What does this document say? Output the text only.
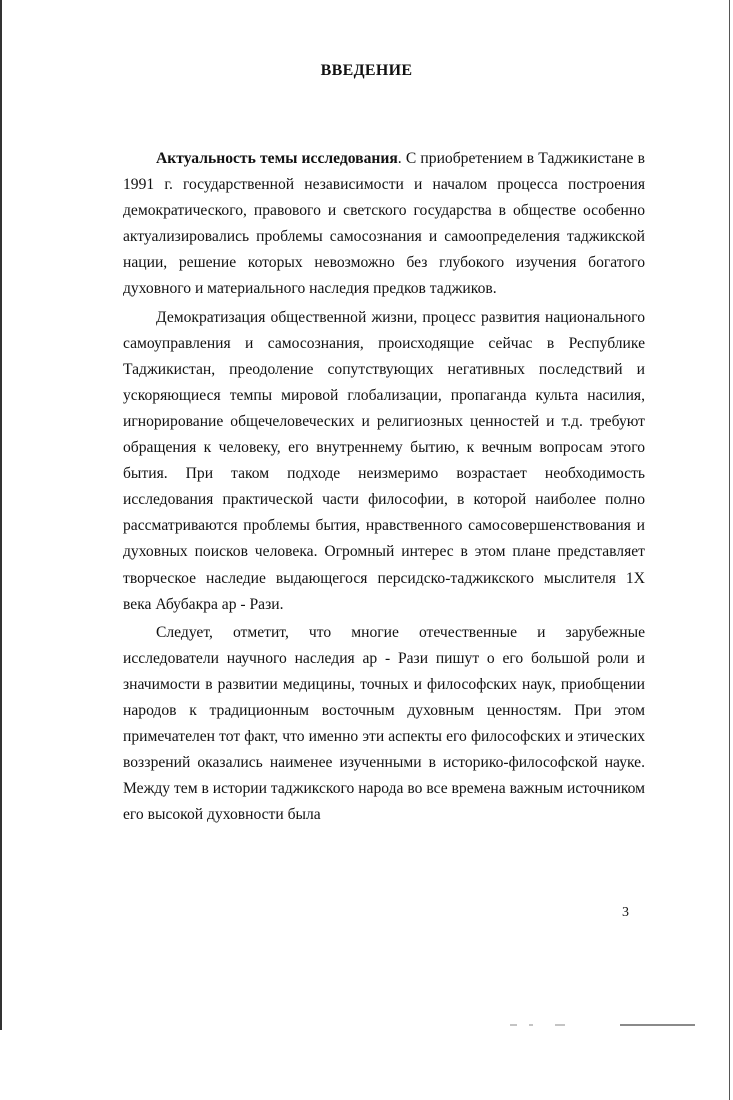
ВВЕДЕНИЕ

Актуальность темы исследования. С приобретением в Таджикистане в 1991 г. государственной независимости и началом процесса построения демократического, правового и светского государства в обществе особенно актуализировались проблемы самосознания и самоопределения таджикской нации, решение которых невозможно без глубокого изучения богатого духовного и материального наследия предков таджиков.

Демократизация общественной жизни, процесс развития национального самоуправления и самосознания, происходящие сейчас в Республике Таджикистан, преодоление сопутствующих негативных последствий и ускоряющиеся темпы мировой глобализации, пропаганда культа насилия, игнорирование общечеловеческих и религиозных ценностей и т.д. требуют обращения к человеку, его внутреннему бытию, к вечным вопросам этого бытия. При таком подходе неизмеримо возрастает необходимость исследования практической части философии, в которой наиболее полно рассматриваются проблемы бытия, нравственного самосовершенствования и духовных поисков человека. Огромный интерес в этом плане представляет творческое наследие выдающегося персидско-таджикского мыслителя 1Х века Абубакра ар - Рази.

Следует, отметит, что многие отечественные и зарубежные исследователи научного наследия ар - Рази пишут о его большой роли и значимости в развитии медицины, точных и философских наук, приобщении народов к традиционным восточным духовным ценностям. При этом примечателен тот факт, что именно эти аспекты его философских и этических воззрений оказались наименее изученными в историко-философской науке. Между тем в истории таджикского народа во все времена важным источником его высокой духовности была

3
